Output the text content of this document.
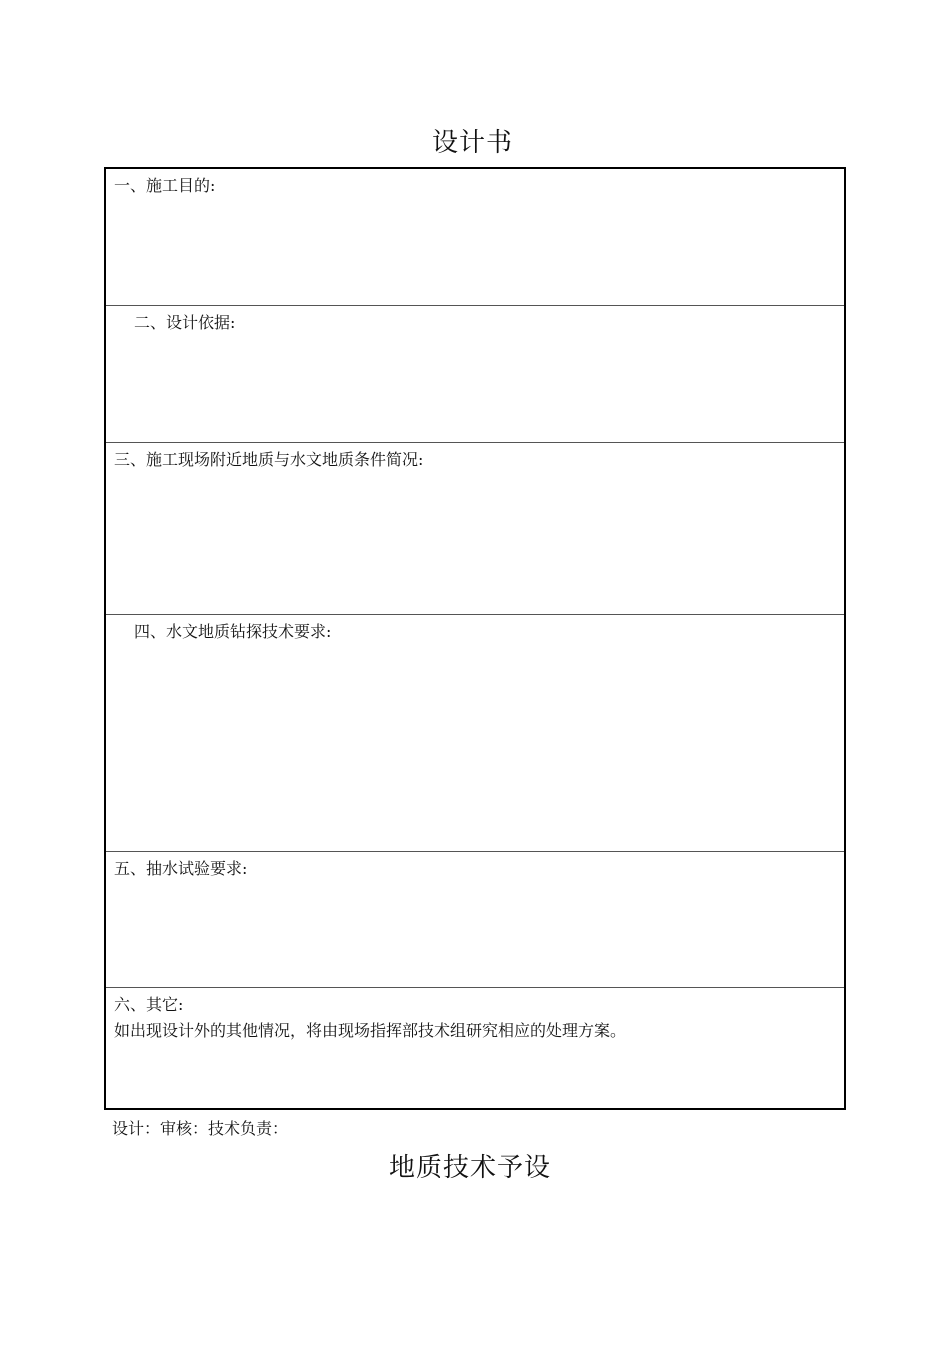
设计书
一、施工目的:
二、设计依据:
三、施工现场附近地质与水文地质条件简况:
四、水文地质钻探技术要求:
五、抽水试验要求:
六、其它:
如出现设计外的其他情况，将由现场指挥部技术组研究相应的处理方案。
设计：审核：技术负责：
地质技术予设
